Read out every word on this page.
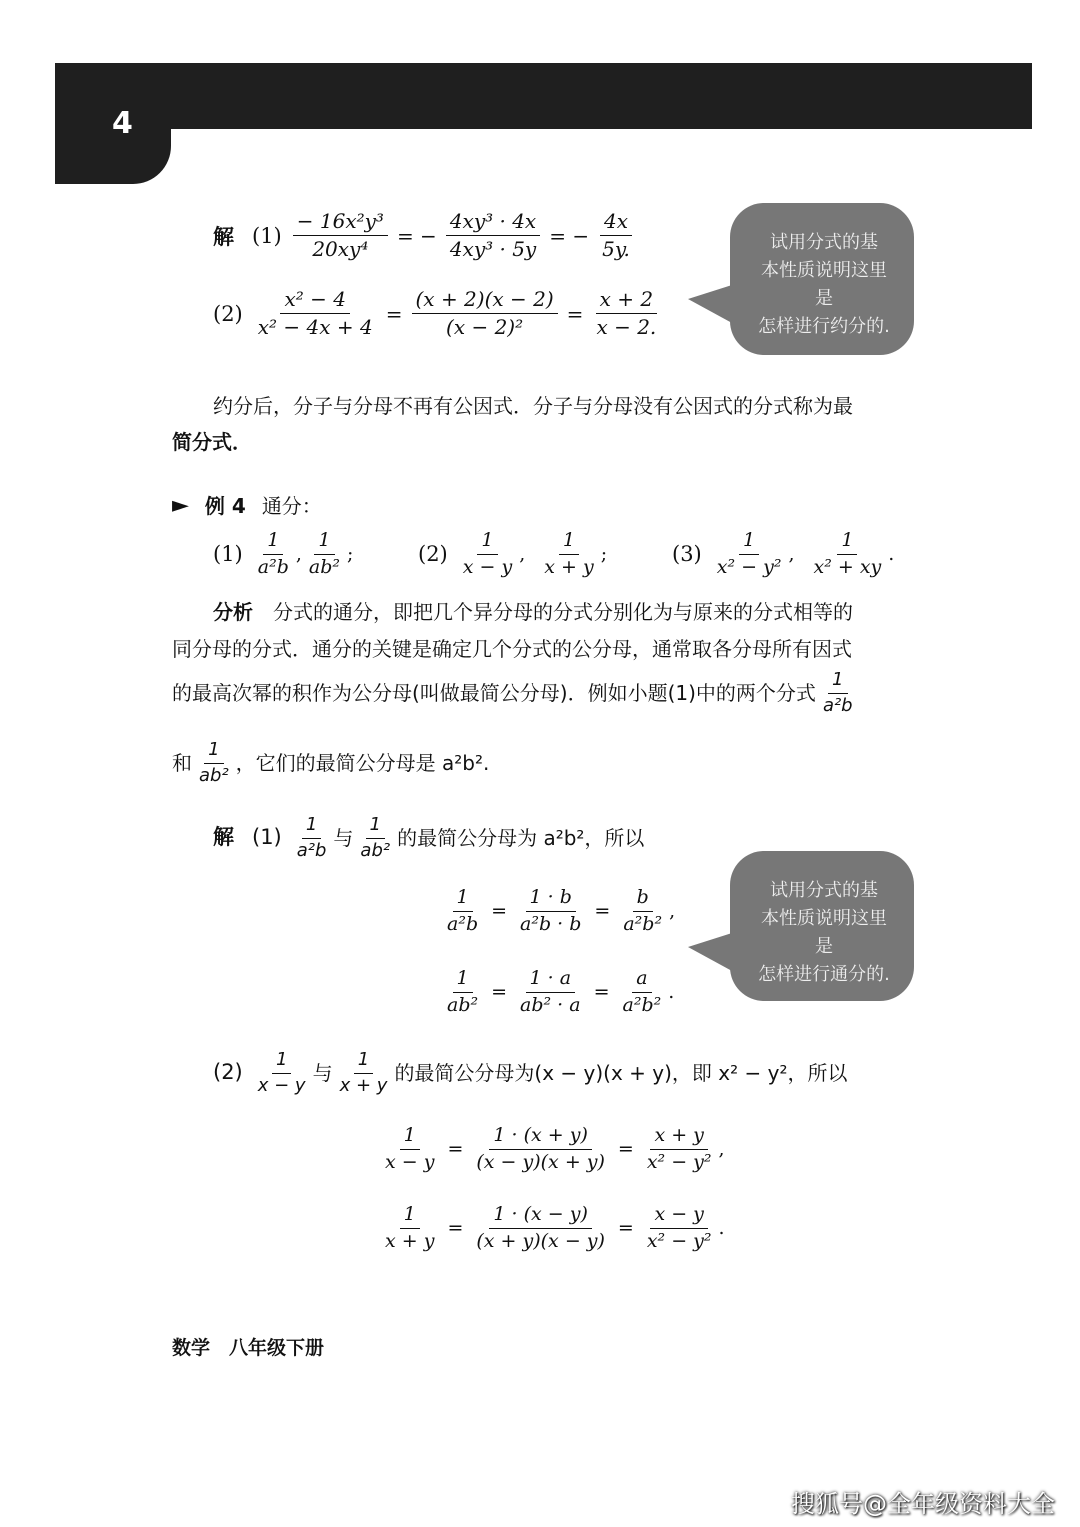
4
解 $(1) \frac{\text{− 16x²y³}}{\text{20xy⁴}}$ = − $\frac{\text{4xy³ · 4x}}{\text{4xy³ · 5y}}$ = − $\frac{4x}{5y.}$
$(2) \frac{\text{x² − 4}}{\text{x² − 4x + 4}} = \frac{(x + 2)(x - 2)}{\text{(x − 2)²}} = \frac{x + 2}{x - 2.}$
试用分式的基
本性质说明这里是
怎样进行约分的.
约分后，分子与分母不再有公因式．分子与分母没有公因式的分式称为最
简分式．
► 例 4 通分：
$(1) \frac{1}{\text{a²b}}$ , $\frac{1}{\text{ab²}}$ ;	$(2) \frac{1}{x - y}$ , $\frac{1}{x + y}$ ;	$(3) \frac{1}{\text{x² − y²}}$ , $\frac{1}{\text{x² + xy}}$ .
分析 分式的通分，即把几个异分母的分式分别化为与原来的分式相等的
同分母的分式．通分的关键是确定几个分式的公分母，通常取各分母所有因式
的最高次幂的积作为公分母(叫做最简公分母)．例如小题(1)中的两个分式 $\frac{1}{\text{a²b}}$
和 $\frac{1}{\text{ab²}}$ ，它们的最简公分母是 a²b².
解 $(1) \frac{1}{\text{a²b}}$ 与 $\frac{1}{\text{ab²}}$ 的最简公分母为 a²b²，所以
$\frac{1}{\text{a²b}} = \frac{1 \cdot b}{\text{a²b · b}} = \frac{b}{\text{a²b²}}$ ,
$\frac{1}{\text{ab²}} = \frac{1 \cdot a}{\text{ab² · a}} = \frac{a}{\text{a²b²}}$ .
试用分式的基
本性质说明这里是
怎样进行通分的.
$(2) \frac{1}{x - y}$ 与 $\frac{1}{x + y}$ 的最简公分母为(x − y)(x + y)，即 x² − y²，所以
$\frac{1}{x - y} = \frac{1 \cdot (x + y)}{(x - y)(x + y)} = \frac{x + y}{\text{x² − y²}}$ ,
$\frac{1}{x + y} = \frac{1 \cdot (x - y)}{(x + y)(x - y)} = \frac{x - y}{\text{x² − y²}}$ .
数学　八年级下册
搜狐号@全年级资料大全
